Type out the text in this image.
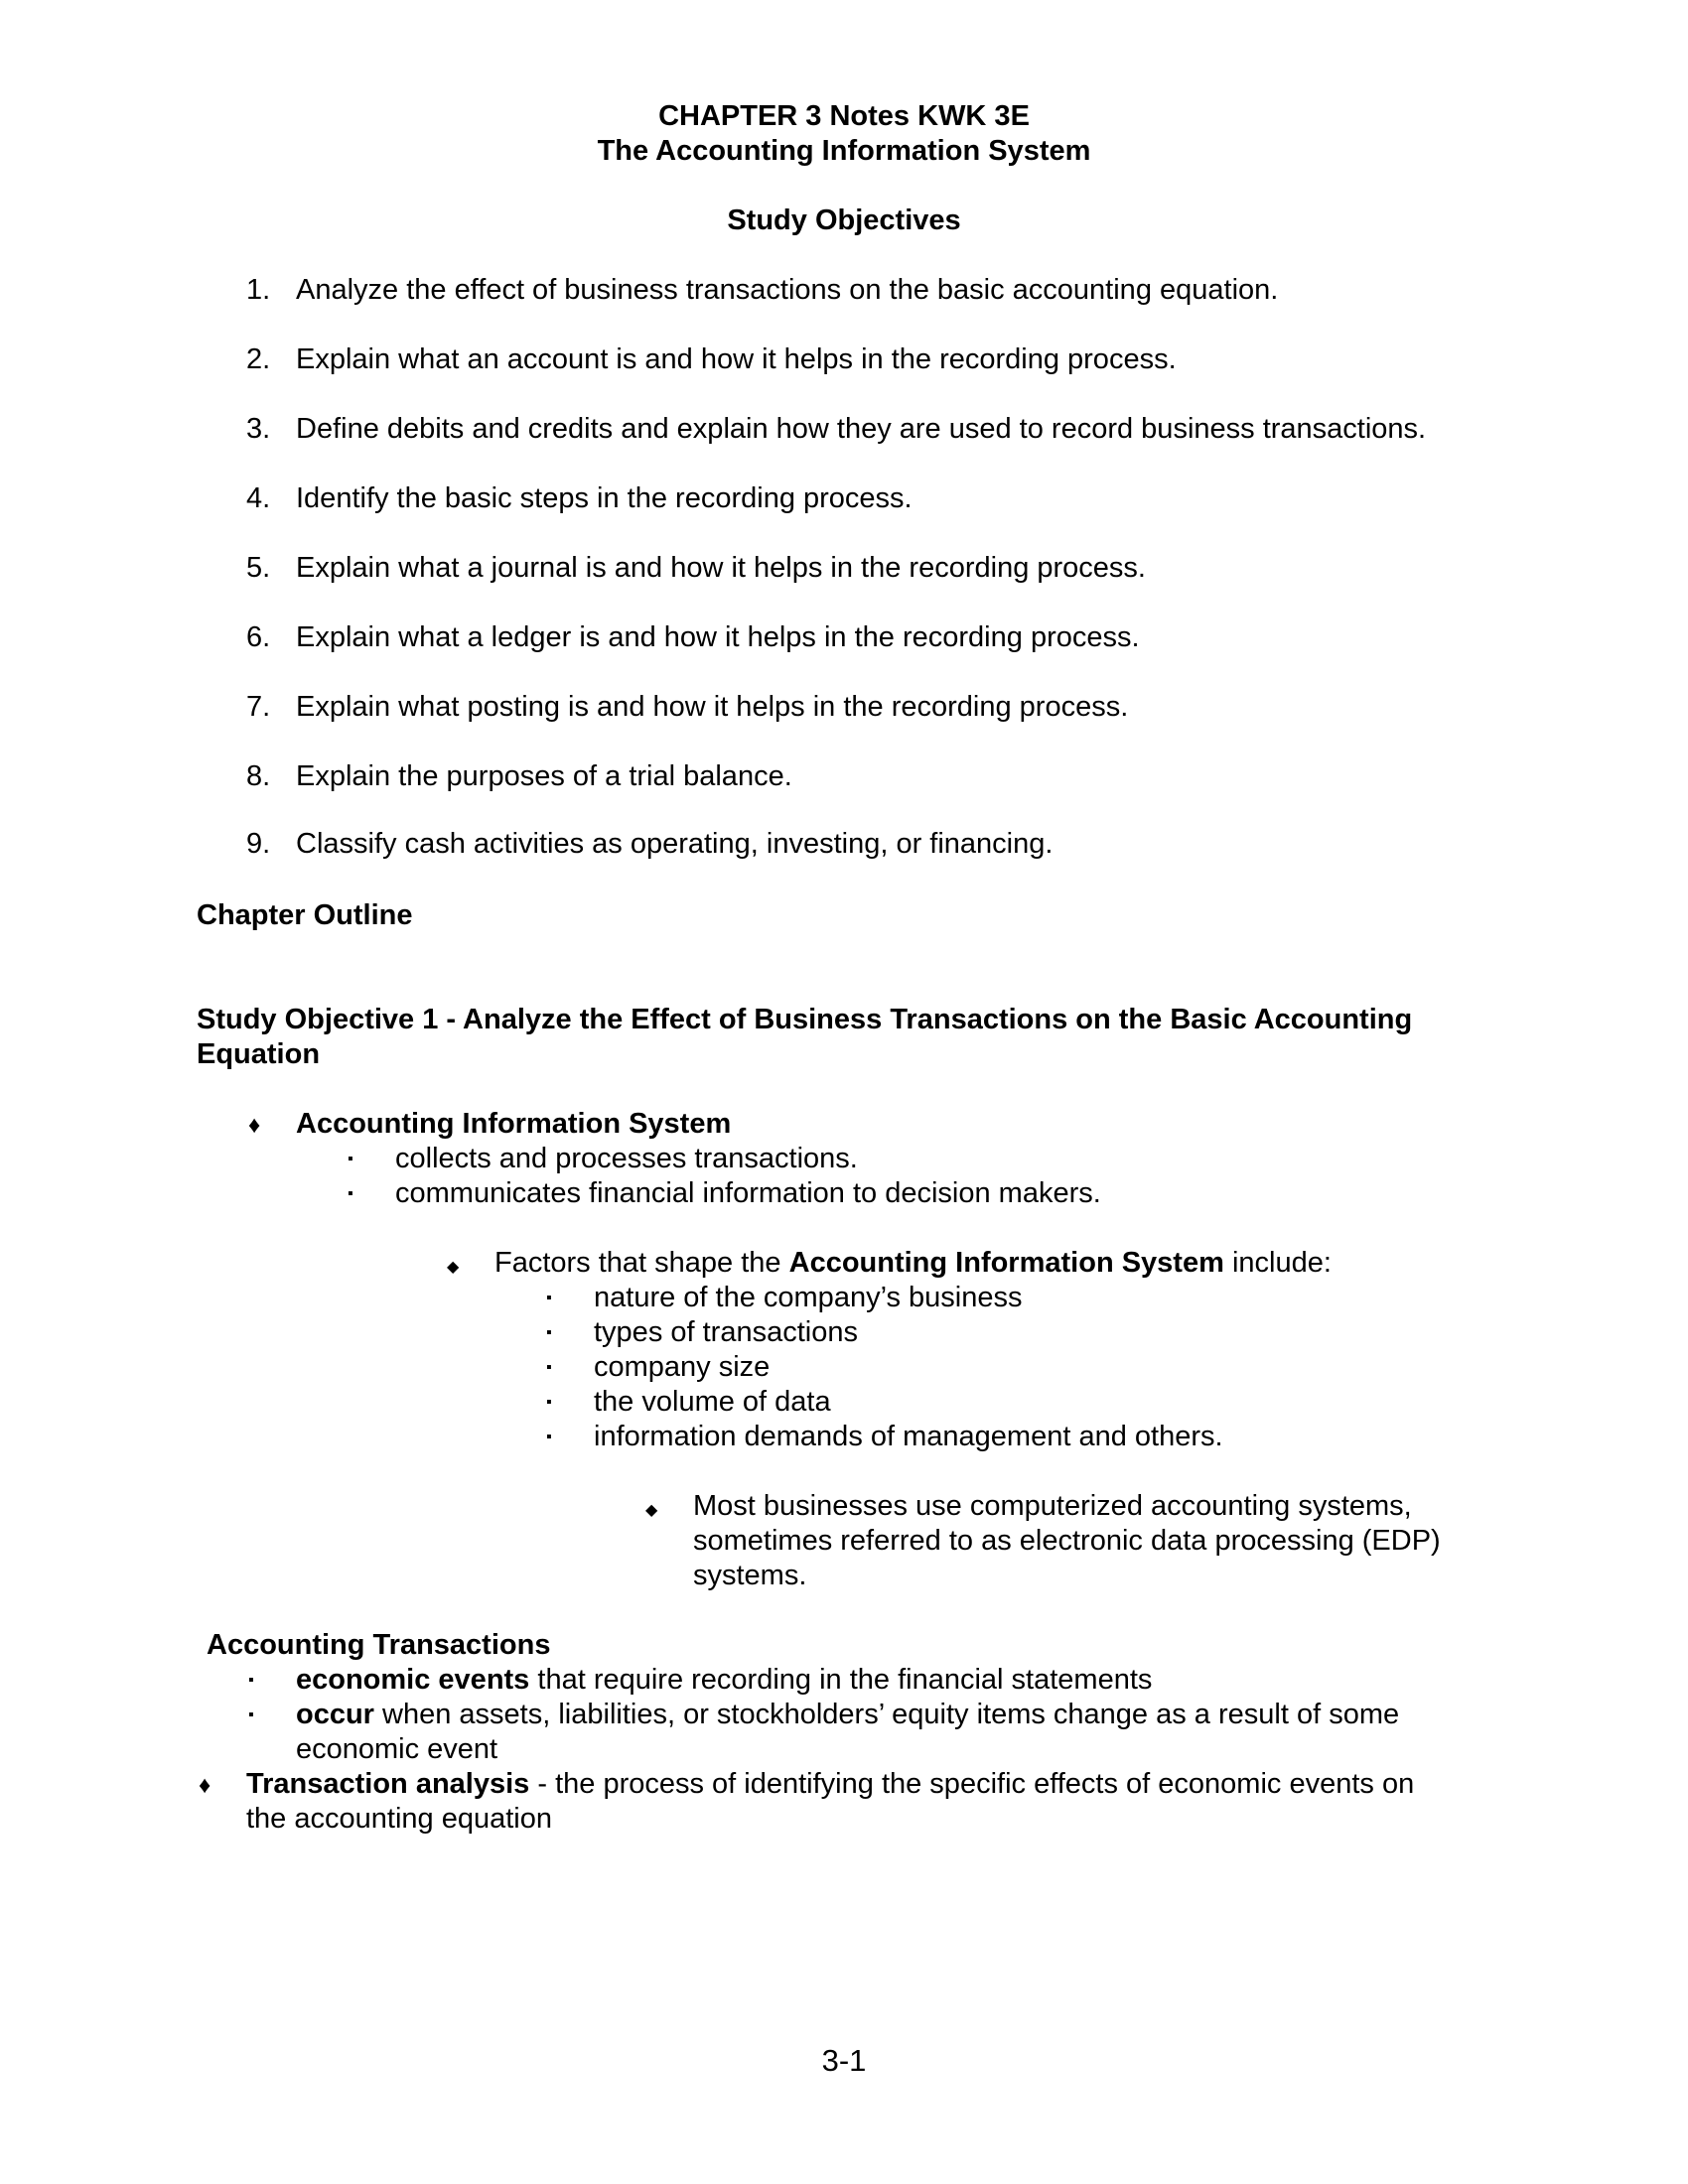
CHAPTER 3 Notes KWK 3E
The Accounting Information System
Study Objectives
1. Analyze the effect of business transactions on the basic accounting equation.
2. Explain what an account is and how it helps in the recording process.
3. Define debits and credits and explain how they are used to record business transactions.
4. Identify the basic steps in the recording process.
5. Explain what a journal is and how it helps in the recording process.
6. Explain what a ledger is and how it helps in the recording process.
7. Explain what posting is and how it helps in the recording process.
8. Explain the purposes of a trial balance.
9. Classify cash activities as operating, investing, or financing.
Chapter Outline
Study Objective 1 - Analyze the Effect of Business Transactions on the Basic Accounting
Equation
♦ Accounting Information System
▪ collects and processes transactions.
▪ communicates financial information to decision makers.
◆ Factors that shape the Accounting Information System include:
▪ nature of the company’s business
▪ types of transactions
▪ company size
▪ the volume of data
▪ information demands of management and others.
◆ Most businesses use computerized accounting systems,
sometimes referred to as electronic data processing (EDP)
systems.
Accounting Transactions
▪ economic events that require recording in the financial statements
▪ occur when assets, liabilities, or stockholders’ equity items change as a result of some
economic event
♦ Transaction analysis - the process of identifying the specific effects of economic events on
the accounting equation
3-1
